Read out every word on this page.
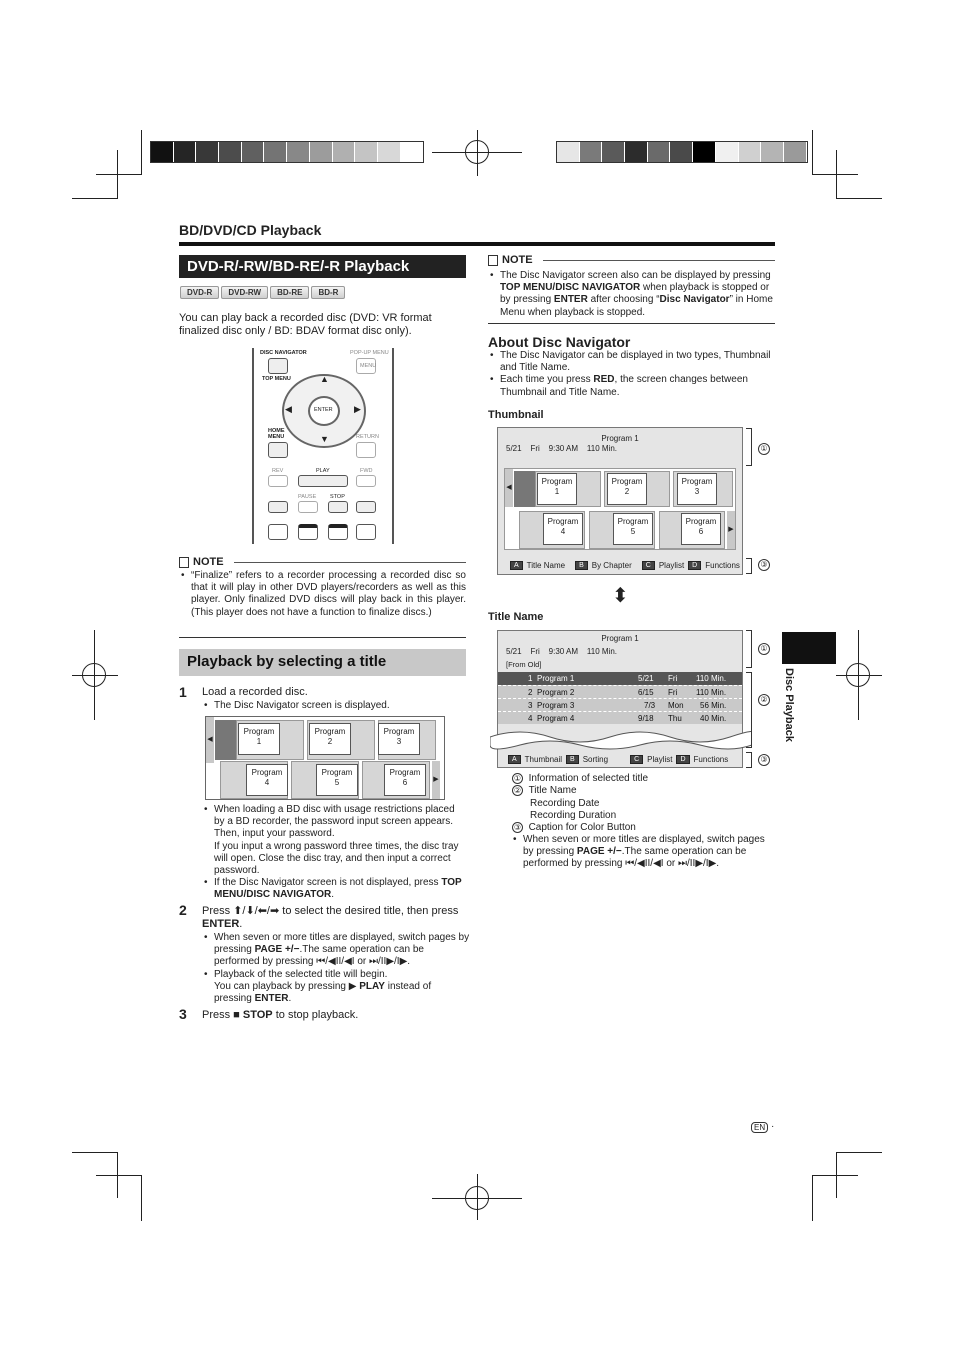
BD/DVD/CD Playback
DVD-R/-RW/BD-RE/-R Playback
DVD-R DVD-RW BD-RE BD-R

You can play back a recorded disc (DVD: VR format finalized disc only / BD: BDAV format disc only).

DISC NAVIGATOR
TOP MENU
POP-UP MENU
MENU
ENTER
▲
▼
◀	▶
HOME MENU	RETURN
REV	PLAY	FWD
PAUSE	STOP
NOTE
• “Finalize” refers to a recorder processing a recorded disc so that it will play in other DVD players/recorders as well as this player. Only finalized DVD discs will play back in this player. (This player does not have a function to finalize discs.)
Playback by selecting a title
1 Load a recorded disc.
• The Disc Navigator screen is displayed.
◀
Program
1
Program
2
Program
3
▶
Program
4
Program
5
Program
6
• When loading a BD disc with usage restrictions placed by a BD recorder, the password input screen appears. Then, input your password.
If you input a wrong password three times, the disc tray will open. Close the disc tray, and then input a correct password.
• If the Disc Navigator screen is not displayed, press TOP MENU/DISC NAVIGATOR.
2 Press ⬆/⬇/⬅/➡ to select the desired title, then press ENTER.
• When seven or more titles are displayed, switch pages by pressing PAGE +/−.The same operation can be performed by pressing ⏮/◀II/◀I or ⏭/II▶/I▶.
• Playback of the selected title will begin.
You can playback by pressing ▶ PLAY instead of pressing ENTER.
3 Press ■ STOP to stop playback.
NOTE
• The Disc Navigator screen also can be displayed by pressing TOP MENU/DISC NAVIGATOR when playback is stopped or by pressing ENTER after choosing “Disc Navigator” in Home Menu when playback is stopped.
About Disc Navigator
• The Disc Navigator can be displayed in two types, Thumbnail and Title Name.
• Each time you press RED, the screen changes between Thumbnail and Title Name.
Thumbnail
Program 1
5/21    Fri    9:30 AM    110 Min.
◀
Program
1
Program
2
Program
3
▶
Program
4
Program
5
Program
6
A	Title Name	B	By Chapter	C	Playlist	D	Functions
①
③
⬍
Title Name
Program 1
5/21    Fri    9:30 AM    110 Min.
[From Old]
1 Program 1	5/21 Fri 110 Min.
2 Program 2	6/15 Fri 110 Min.
3 Program 3	7/3 Mon 56 Min.
4 Program 4	9/18 Thu 40 Min.
A	Thumbnail	B	Sorting	C	Playlist	D	Functions
①
②
③
① Information of selected title
② Title Name
Recording Date
Recording Duration
③ Caption for Color Button
• When seven or more titles are displayed, switch pages by pressing PAGE +/−.The same operation can be performed by pressing ⏮/◀II/◀I or ⏭/II▶/I▶.
Disc Playback
EN ·
